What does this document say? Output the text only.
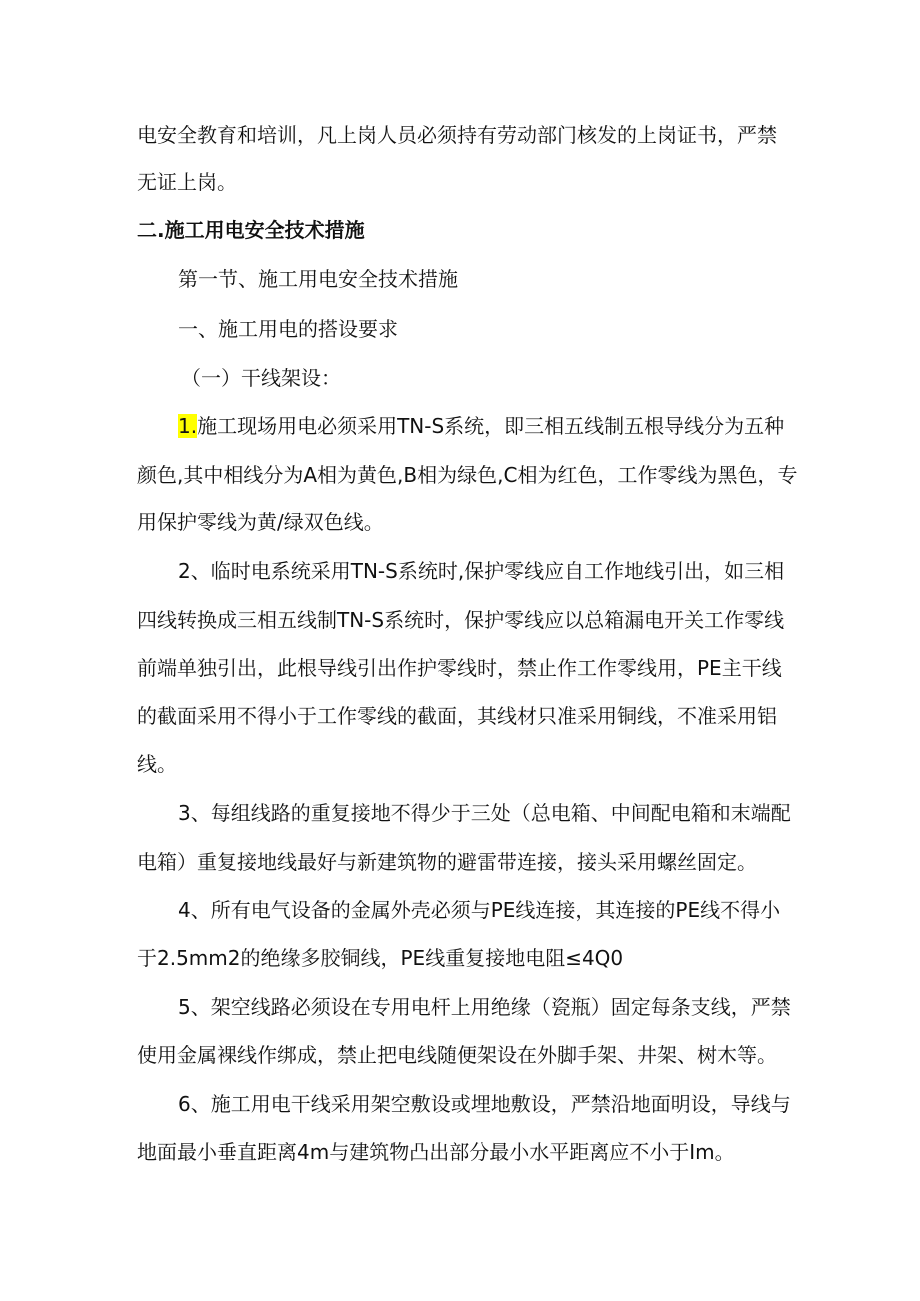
电安全教育和培训，凡上岗人员必须持有劳动部门核发的上岗证书，严禁
无证上岗。
二.施工用电安全技术措施
第一节、施工用电安全技术措施
一、施工用电的搭设要求
（一）干线架设：
1.施工现场用电必须采用TN-S系统，即三相五线制五根导线分为五种
颜色,其中相线分为A相为黄色,B相为绿色,C相为红色，工作零线为黑色，专
用保护零线为黄/绿双色线。
2、临时电系统采用TN-S系统时,保护零线应自工作地线引出，如三相
四线转换成三相五线制TN-S系统时，保护零线应以总箱漏电开关工作零线
前端单独引出，此根导线引出作护零线时，禁止作工作零线用，PE主干线
的截面采用不得小于工作零线的截面，其线材只准采用铜线，不准采用铝
线。
3、每组线路的重复接地不得少于三处（总电箱、中间配电箱和末端配
电箱）重复接地线最好与新建筑物的避雷带连接，接头采用螺丝固定。
4、所有电气设备的金属外壳必须与PE线连接，其连接的PE线不得小
于2.5mm2的绝缘多胶铜线，PE线重复接地电阻≤4Q0
5、架空线路必须设在专用电杆上用绝缘（瓷瓶）固定每条支线，严禁
使用金属裸线作绑成，禁止把电线随便架设在外脚手架、井架、树木等。
6、施工用电干线采用架空敷设或埋地敷设，严禁沿地面明设，导线与
地面最小垂直距离4m与建筑物凸出部分最小水平距离应不小于Im。
